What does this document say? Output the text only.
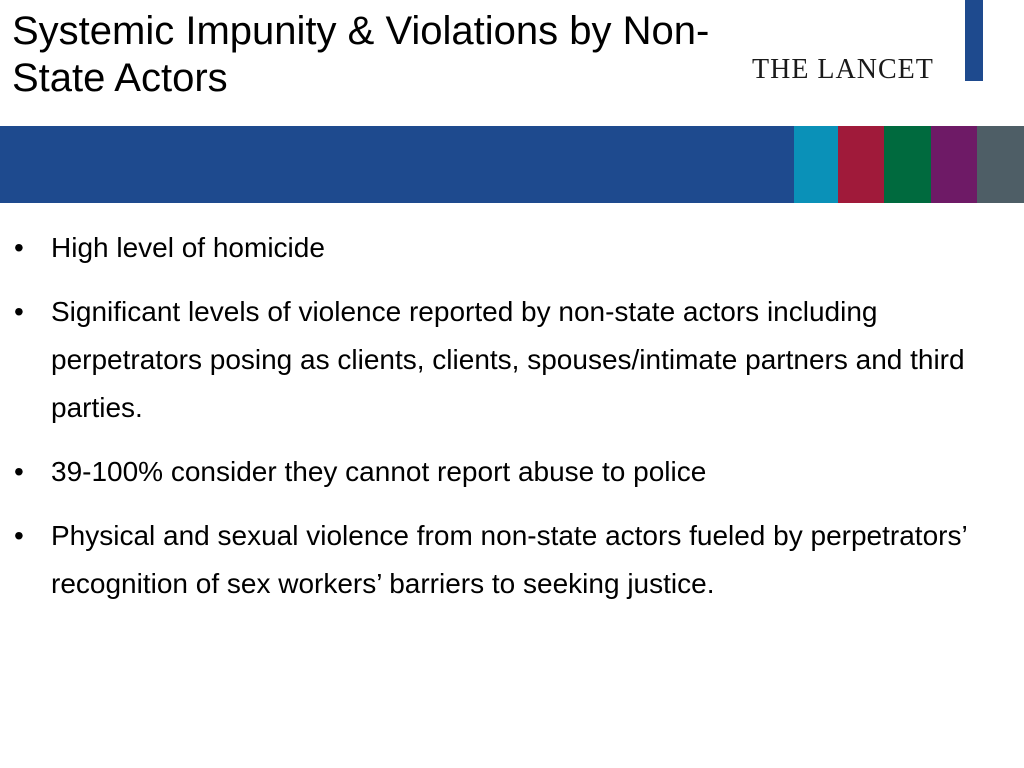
Systemic Impunity & Violations by Non-State Actors	THE LANCET
• High level of homicide
• Significant levels of violence reported by non-state actors including perpetrators posing as clients, clients, spouses/intimate partners and third parties.
• 39-100% consider they cannot report abuse to police
• Physical and sexual violence from non-state actors fueled by perpetrators’ recognition of sex workers’ barriers to seeking justice.
